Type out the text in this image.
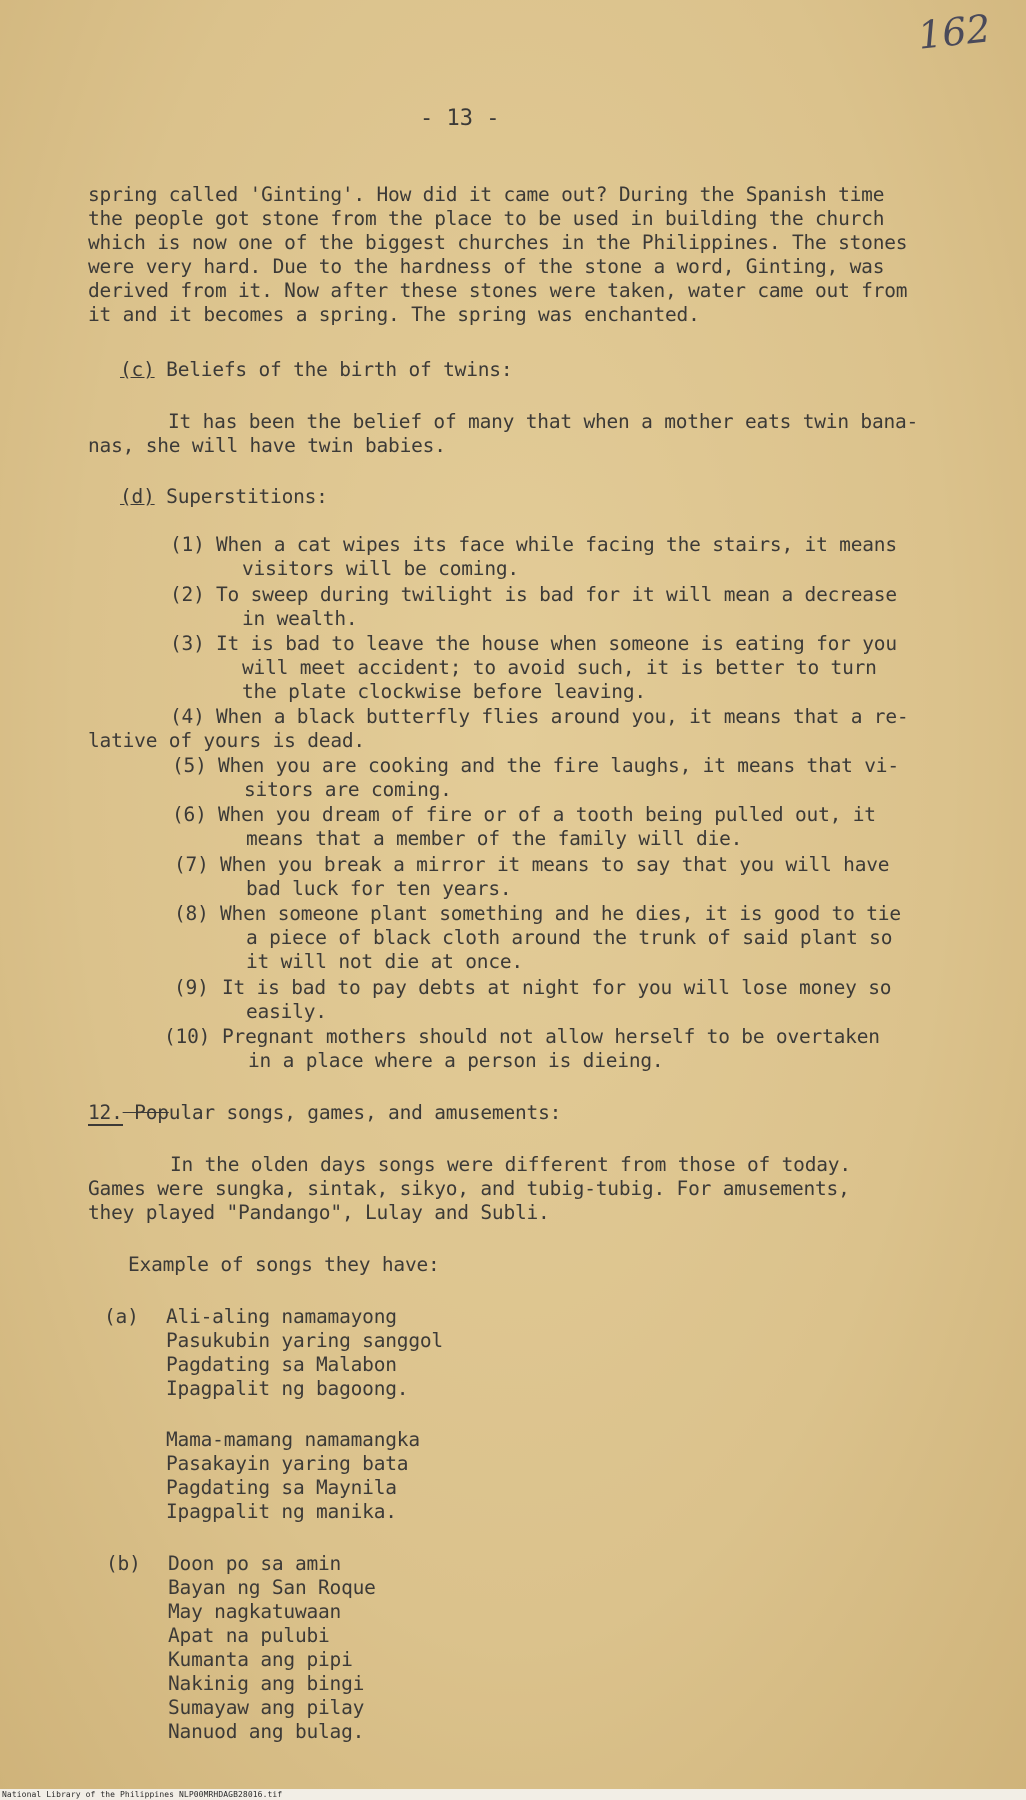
162
- 13 -
spring called 'Ginting'. How did it came out? During the Spanish time
the people got stone from the place to be used in building the church
which is now one of the biggest churches in the Philippines. The stones
were very hard. Due to the hardness of the stone a word, Ginting, was
derived from it. Now after these stones were taken, water came out from
it and it becomes a spring. The spring was enchanted.
(c) Beliefs of the birth of twins:
It has been the belief of many that when a mother eats twin bana-
nas, she will have twin babies.
(d) Superstitions:
(1) When a cat wipes its face while facing the stairs, it means
visitors will be coming.
(2) To sweep during twilight is bad for it will mean a decrease
in wealth.
(3) It is bad to leave the house when someone is eating for you
will meet accident; to avoid such, it is better to turn
the plate clockwise before leaving.
(4) When a black butterfly flies around you, it means that a re-
lative of yours is dead.
(5) When you are cooking and the fire laughs, it means that vi-
sitors are coming.
(6) When you dream of fire or of a tooth being pulled out, it
means that a member of the family will die.
(7) When you break a mirror it means to say that you will have
bad luck for ten years.
(8) When someone plant something and he dies, it is good to tie
a piece of black cloth around the trunk of said plant so
it will not die at once.
(9) It is bad to pay debts at night for you will lose money so
easily.
(10) Pregnant mothers should not allow herself to be overtaken
in a place where a person is dieing.
12. Popular songs, games, and amusements:
In the olden days songs were different from those of today.
Games were sungka, sintak, sikyo, and tubig-tubig. For amusements,
they played "Pandango", Lulay and Subli.
Example of songs they have:
(a) Ali-aling namamayong
Pasukubin yaring sanggol
Pagdating sa Malabon
Ipagpalit ng bagoong.
Mama-mamang namamangka
Pasakayin yaring bata
Pagdating sa Maynila
Ipagpalit ng manika.
(b) Doon po sa amin
Bayan ng San Roque
May nagkatuwaan
Apat na pulubi
Kumanta ang pipi
Nakinig ang bingi
Sumayaw ang pilay
Nanuod ang bulag.
National Library of the Philippines NLP00MRHDAGB28016.tif
